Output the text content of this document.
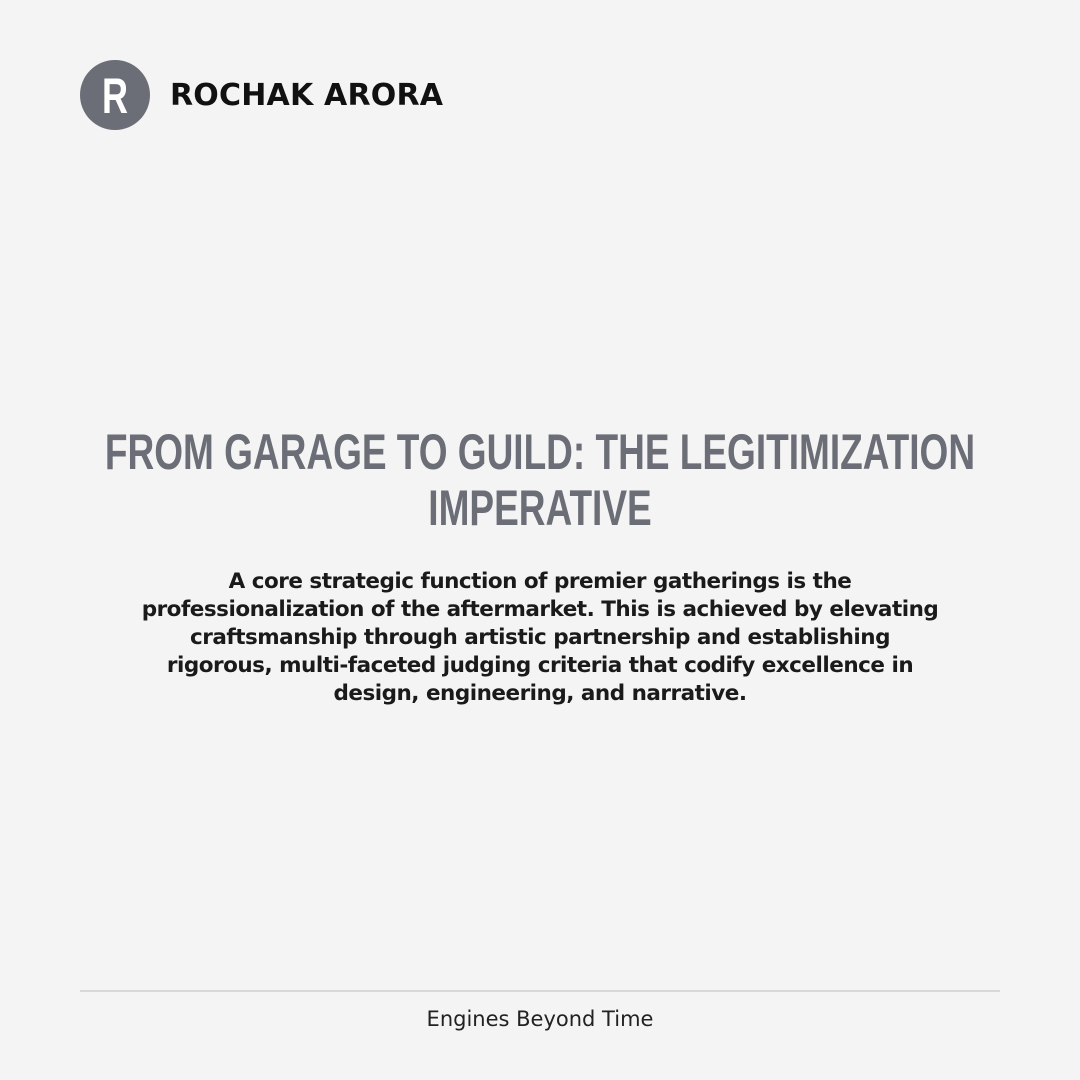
R ROCHAK ARORA
FROM GARAGE TO GUILD: THE LEGITIMIZATION IMPERATIVE

A core strategic function of premier gatherings is the professionalization of the aftermarket. This is achieved by elevating craftsmanship through artistic partnership and establishing rigorous, multi-faceted judging criteria that codify excellence in design, engineering, and narrative.

Engines Beyond Time
